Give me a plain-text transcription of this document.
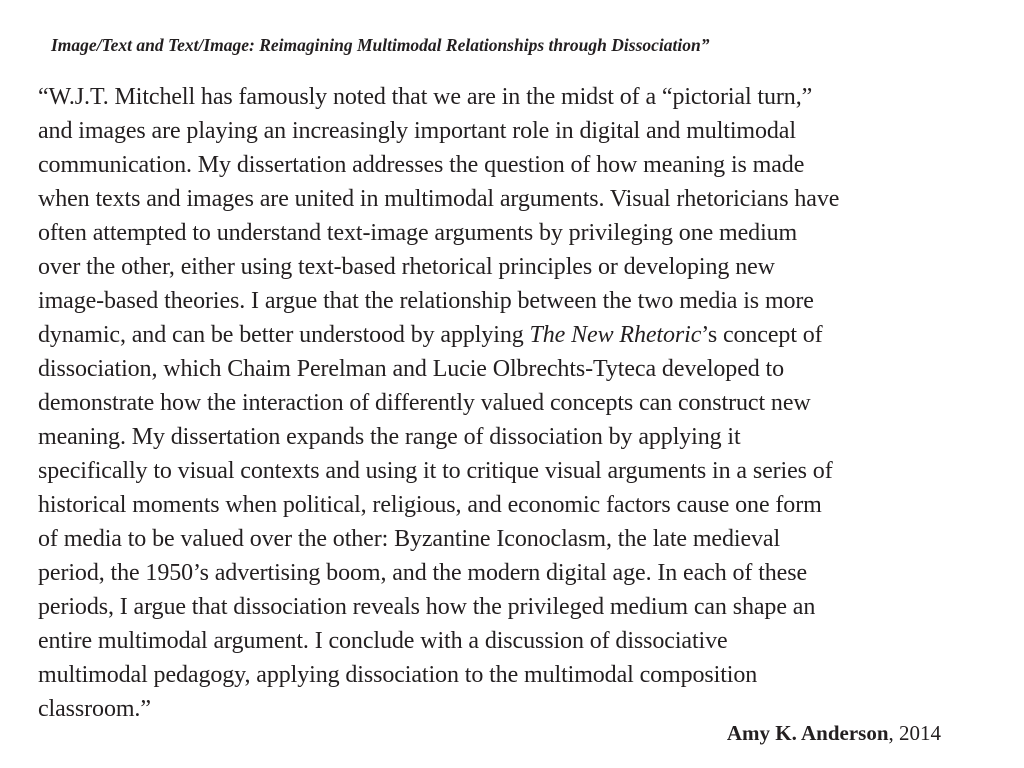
Image/Text and Text/Image: Reimagining Multimodal Relationships through Dissociation”

“W.J.T. Mitchell has famously noted that we are in the midst of a “pictorial turn,”
and images are playing an increasingly important role in digital and multimodal
communication. My dissertation addresses the question of how meaning is made
when texts and images are united in multimodal arguments. Visual rhetoricians have
often attempted to understand text-image arguments by privileging one medium
over the other, either using text-based rhetorical principles or developing new
image-based theories. I argue that the relationship between the two media is more
dynamic, and can be better understood by applying The New Rhetoric’s concept of
dissociation, which Chaim Perelman and Lucie Olbrechts-Tyteca developed to
demonstrate how the interaction of differently valued concepts can construct new
meaning. My dissertation expands the range of dissociation by applying it
specifically to visual contexts and using it to critique visual arguments in a series of
historical moments when political, religious, and economic factors cause one form
of media to be valued over the other: Byzantine Iconoclasm, the late medieval
period, the 1950’s advertising boom, and the modern digital age. In each of these
periods, I argue that dissociation reveals how the privileged medium can shape an
entire multimodal argument. I conclude with a discussion of dissociative
multimodal pedagogy, applying dissociation to the multimodal composition
classroom.”

Amy K. Anderson, 2014
